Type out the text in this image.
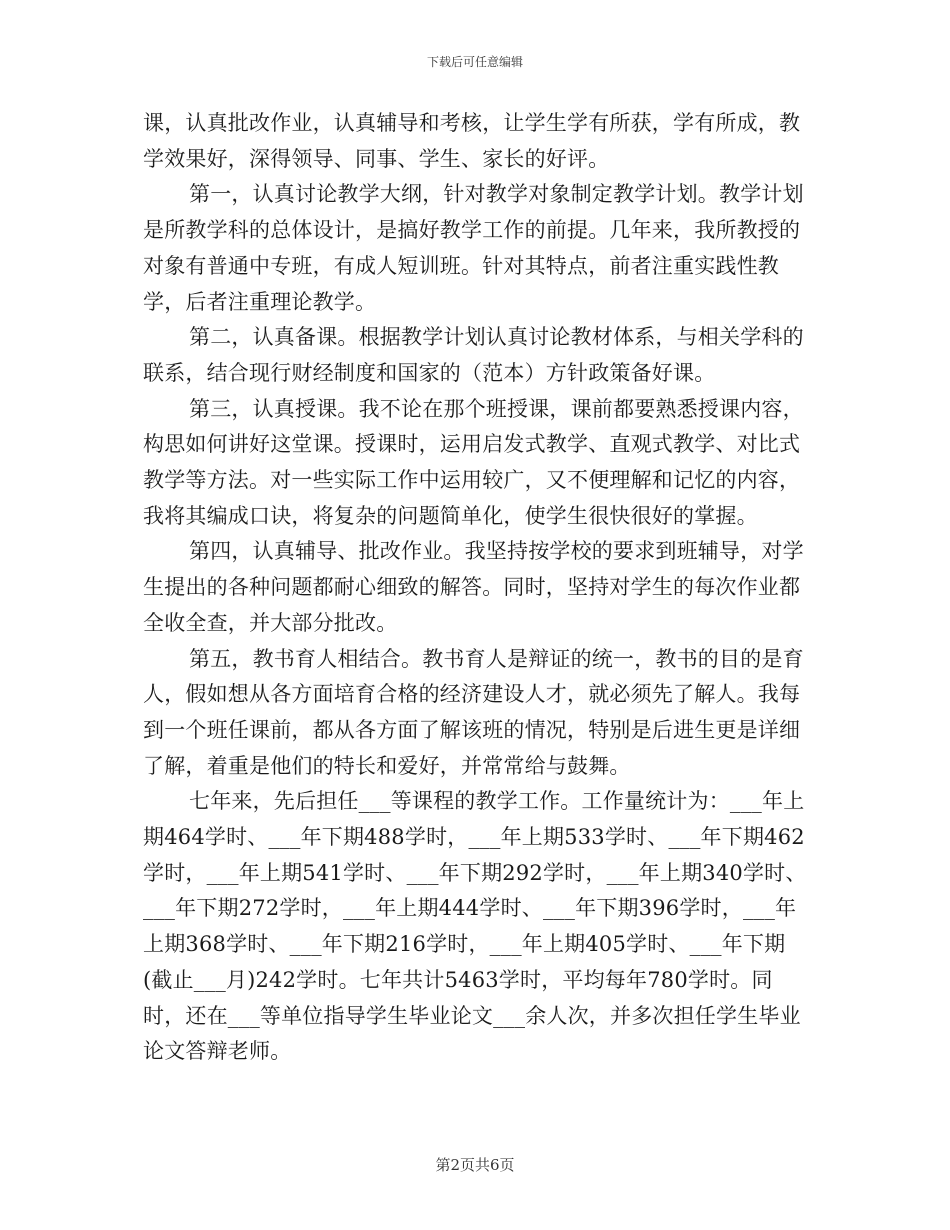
下载后可任意编辑

课，认真批改作业，认真辅导和考核，让学生学有所获，学有所成，教学效果好，深得领导、同事、学生、家长的好评。

第一，认真讨论教学大纲，针对教学对象制定教学计划。教学计划是所教学科的总体设计，是搞好教学工作的前提。几年来，我所教授的对象有普通中专班，有成人短训班。针对其特点，前者注重实践性教学，后者注重理论教学。

第二，认真备课。根据教学计划认真讨论教材体系，与相关学科的联系，结合现行财经制度和国家的（范本）方针政策备好课。

第三，认真授课。我不论在那个班授课，课前都要熟悉授课内容，构思如何讲好这堂课。授课时，运用启发式教学、直观式教学、对比式教学等方法。对一些实际工作中运用较广，又不便理解和记忆的内容，我将其编成口诀，将复杂的问题简单化，使学生很快很好的掌握。

第四，认真辅导、批改作业。我坚持按学校的要求到班辅导，对学生提出的各种问题都耐心细致的解答。同时，坚持对学生的每次作业都全收全查，并大部分批改。

第五，教书育人相结合。教书育人是辩证的统一，教书的目的是育人，假如想从各方面培育合格的经济建设人才，就必须先了解人。我每到一个班任课前，都从各方面了解该班的情况，特别是后进生更是详细了解，着重是他们的特长和爱好，并常常给与鼓舞。

七年来，先后担任___等课程的教学工作。工作量统计为：___年上期464学时、___年下期488学时，___年上期533学时、___年下期462学时，___年上期541学时、___年下期292学时，___年上期340学时、___年下期272学时，___年上期444学时、___年下期396学时，___年上期368学时、___年下期216学时，___年上期405学时、___年下期(截止___月)242学时。七年共计5463学时，平均每年780学时。同时，还在___等单位指导学生毕业论文___余人次，并多次担任学生毕业论文答辩老师。

第2页共6页
